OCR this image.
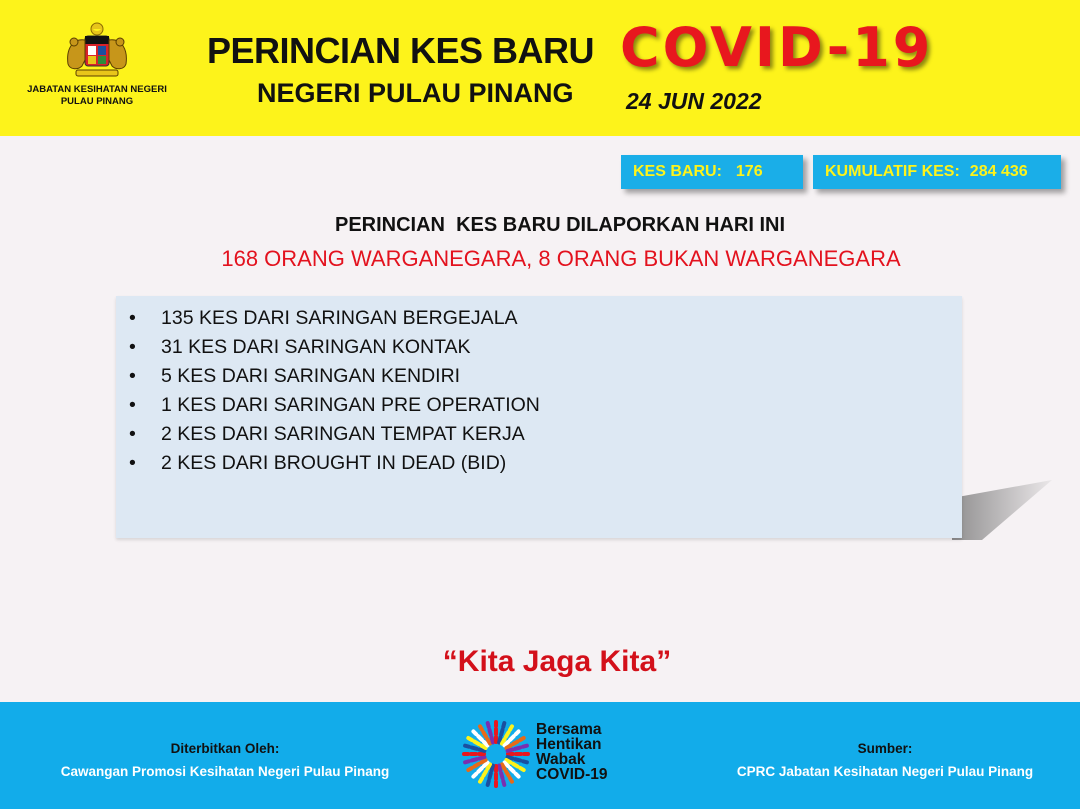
JABATAN KESIHATAN NEGERI
PULAU PINANG
PERINCIAN KES BARU COVID-19
NEGERI PULAU PINANG 24 JUN 2022
KES BARU: 176	KUMULATIF KES: 284 436
PERINCIAN  KES BARU DILAPORKAN HARI INI
168 ORANG WARGANEGARA, 8 ORANG BUKAN WARGANEGARA
• 135 KES DARI SARINGAN BERGEJALA
• 31 KES DARI SARINGAN KONTAK
• 5 KES DARI SARINGAN KENDIRI
• 1 KES DARI SARINGAN PRE OPERATION
• 2 KES DARI SARINGAN TEMPAT KERJA
• 2 KES DARI BROUGHT IN DEAD (BID)
“Kita Jaga Kita”
Diterbitkan Oleh:
Cawangan Promosi Kesihatan Negeri Pulau Pinang
Bersama
Hentikan
Wabak
COVID-19
Sumber:
CPRC Jabatan Kesihatan Negeri Pulau Pinang
